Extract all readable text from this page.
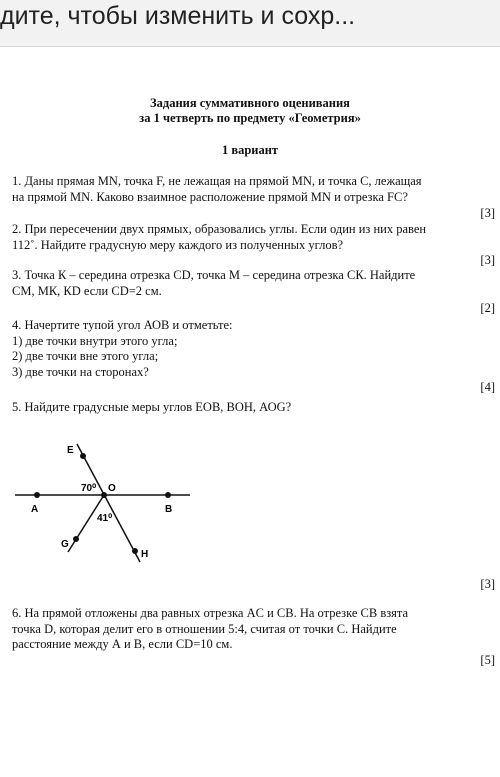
дите, чтобы изменить и сохр...
Задания суммативного оценивания
за 1 четверть по предмету «Геометрия»
1 вариант

1. Даны прямая MN, точка F, не лежащая на прямой MN, и точка C, лежащая

на прямой MN. Каково взаимное расположение прямой MN и отрезка FC?

[3]

2. При пересечении двух прямых, образовались углы. Если один из них равен

112˚. Найдите градусную меру каждого из полученных углов?

[3]

3. Точка К – середина отрезка CD, точка М – середина отрезка СК. Найдите

СМ, МК, КD если CD=2 см.

[2]

4. Начертите тупой угол АОВ и отметьте:

1) две точки внутри этого угла;

2) две точки вне этого угла;

3) две точки на сторонах?

[4]

5. Найдите градусные меры углов ЕОВ, ВОН, АОG?

E
O
A	B
G
H
70⁰
41⁰
[3]

6. На прямой отложены два равных отрезка AC и CB. На отрезке CB взята

точка D, которая делит его в отношении 5:4, считая от точки C. Найдите

расстояние между А и В, если CD=10 см.

[5]
